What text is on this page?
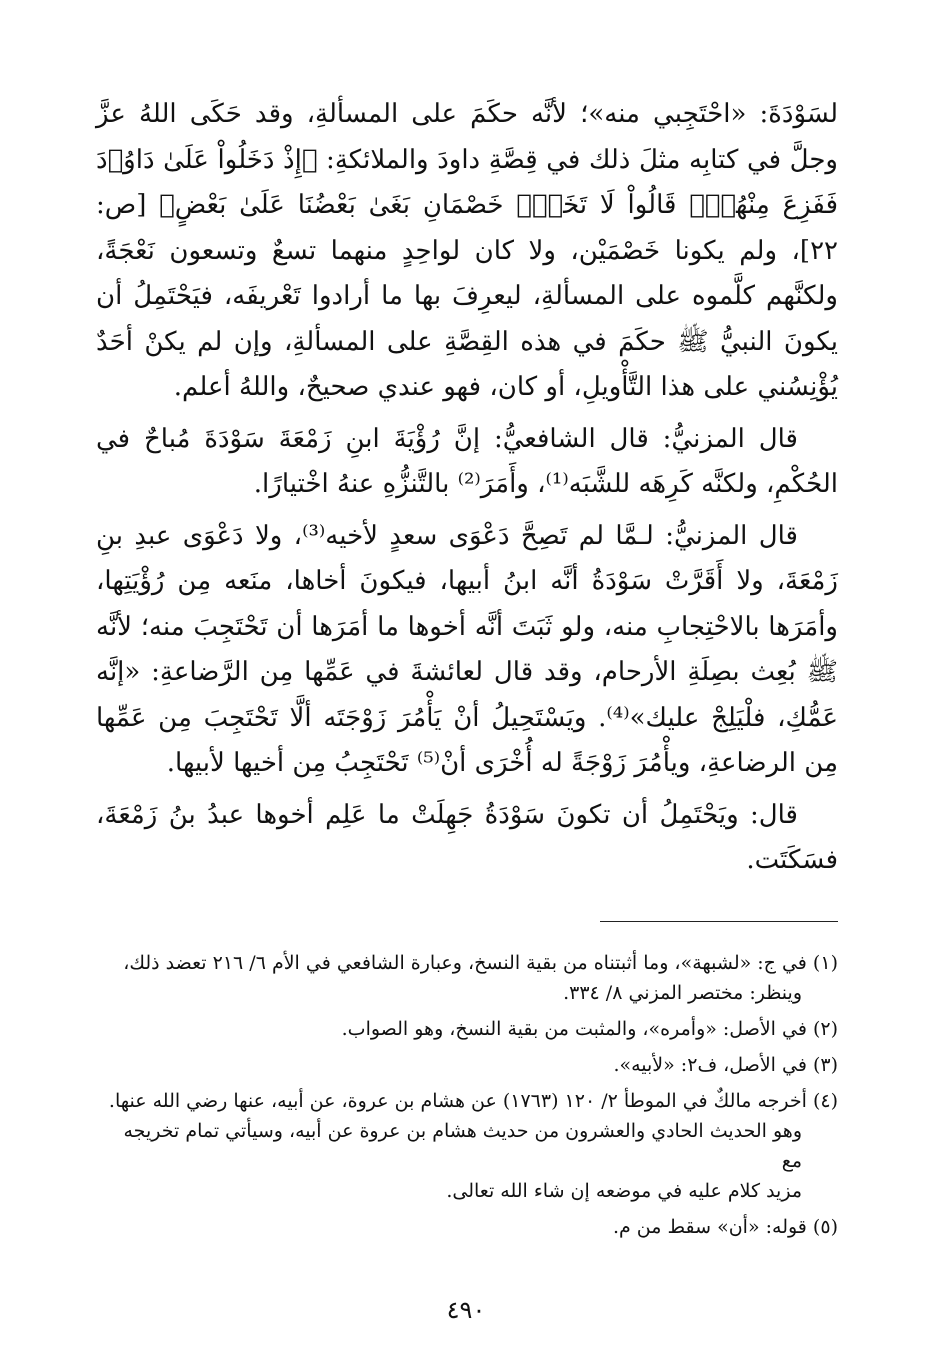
لسَوْدَةَ: «احْتَجِبي منه»؛ لأنَّه حكَمَ على المسألةِ، وقد حَكَى اللهُ عزَّ وجلَّ في كتابِه مثلَ ذلك في قِصَّةِ داودَ والملائكةِ: ﴿إِذْ دَخَلُواْ عَلَىٰ دَاوُۥدَ فَفَزِعَ مِنْهُمْۖ قَالُواْ لَا تَخَفْۖ خَصْمَانِ بَغَىٰ بَعْضُنَا عَلَىٰ بَعْضٍ﴾ [ص: ٢٢]، ولم يكونا خَصْمَيْن، ولا كان لواحِدٍ منهما تسعٌ وتسعون نَعْجَةً، ولكنَّهم كلَّموه على المسألةِ، ليعرِفَ بها ما أرادوا تَعْريفَه، فيَحْتَمِلُ أن يكونَ النبيُّ ﷺ حكَمَ في هذه القِصَّةِ على المسألةِ، وإن لم يكنْ أحَدٌ يُؤْنِسُني على هذا التَّأْويلِ، أو كان، فهو عندي صحيحٌ، واللهُ أعلم.

قال المزنيُّ: قال الشافعيُّ: إنَّ رُؤْيَةَ ابنِ زَمْعَةَ سَوْدَةَ مُباحٌ في الحُكْمِ، ولكنَّه كَرِهَه للشَّبَه⁽¹⁾، وأَمَرَ⁽²⁾ بالتَّنزُّهِ عنهُ اخْتيارًا.

قال المزنيُّ: لـمَّا لم تَصِحَّ دَعْوَى سعدٍ لأخيه⁽³⁾، ولا دَعْوَى عبدِ بنِ زَمْعَةَ، ولا أَقَرَّتْ سَوْدَةُ أنَّه ابنُ أبيها، فيكونَ أخاها، منَعه مِن رُؤْيَتِها، وأمَرَها بالاحْتِجابِ منه، ولو ثَبَتَ أنَّه أخوها ما أمَرَها أن تَحْتَجِبَ منه؛ لأنَّه ﷺ بُعِث بصِلَةِ الأرحام، وقد قال لعائشةَ في عَمِّها مِن الرَّضاعةِ: «إنَّه عَمُّكِ، فلْيَلِجْ عليك»⁽⁴⁾. ويَسْتَحِيلُ أنْ يَأْمُرَ زَوْجَتَه ألَّا تَحْتَجِبَ مِن عَمِّها مِن الرضاعةِ، ويأْمُرَ زَوْجَةً له أُخْرَى أنْ⁽⁵⁾ تَحْتَجِبُ مِن أخيها لأبيها.

قال: ويَحْتَمِلُ أن تكونَ سَوْدَةُ جَهِلَتْ ما عَلِم أخوها عبدُ بنُ زَمْعَةَ، فسَكَتَت.

(١) في ج: «لشبهة»، وما أثبتناه من بقية النسخ، وعبارة الشافعي في الأم ٦/ ٢١٦ تعضد ذلك،
وينظر: مختصر المزني ٨/ ٣٣٤.
(٢) في الأصل: «وأمره»، والمثبت من بقية النسخ، وهو الصواب.
(٣) في الأصل، ف٢: «لأبيه».
(٤) أخرجه مالكٌ في الموطأ ٢/ ١٢٠ (١٧٦٣) عن هشام بن عروة، عن أبيه، عنها رضي الله عنها.
وهو الحديث الحادي والعشرون من حديث هشام بن عروة عن أبيه، وسيأتي تمام تخريجه مع
مزيد كلام عليه في موضعه إن شاء الله تعالى.
(٥) قوله: «أن» سقط من م.
٤٩٠
